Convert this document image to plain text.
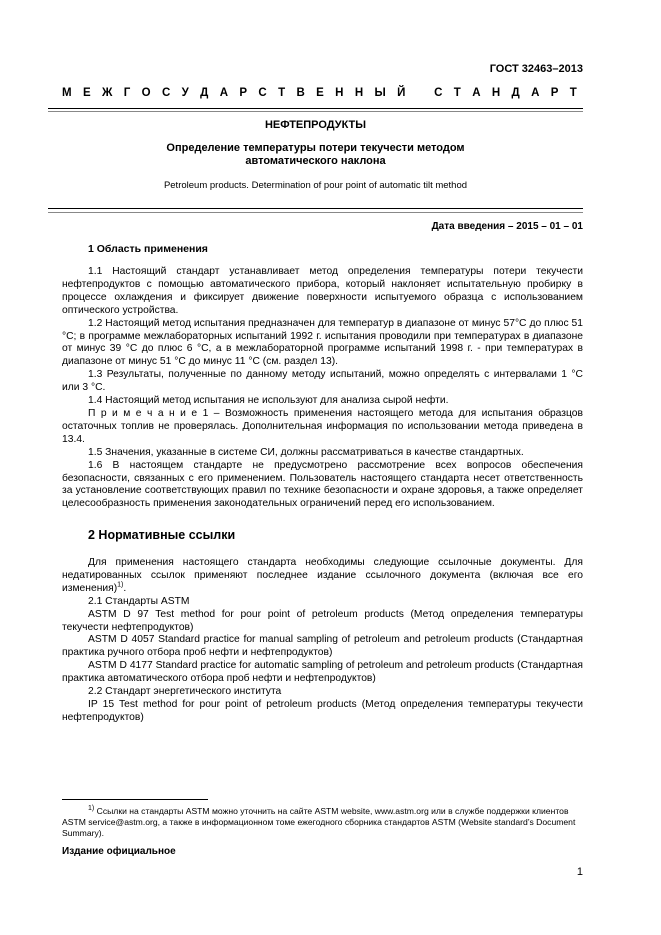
ГОСТ 32463–2013
М Е Ж Г О С У Д А Р С Т В Е Н Н Ы Й С Т А Н Д А Р Т
НЕФТЕПРОДУКТЫ
Определение температуры потери текучести методом
автоматического наклона
Petroleum products. Determination of pour point of automatic tilt method
Дата введения – 2015 – 01 – 01
1 Область применения

1.1 Настоящий стандарт устанавливает метод определения температуры потери текучести нефтепродуктов с помощью автоматического прибора, который наклоняет испытательную пробирку в процессе охлаждения и фиксирует движение поверхности испытуемого образца с использованием оптического устройства.

1.2 Настоящий метод испытания предназначен для температур в диапазоне от минус 57°С до плюс 51 °С; в программе межлабораторных испытаний 1992 г. испытания проводили при температурах в диапазоне от минус 39 °С до плюс 6 °С, а в межлабораторной программе испытаний 1998 г. - при температурах в диапазоне от минус 51 °С до минус 11 °С (см. раздел 13).

1.3 Результаты, полученные по данному методу испытаний, можно определять с интервалами 1 °С или 3 °С.

1.4 Настоящий метод испытания не используют для анализа сырой нефти.

П р и м е ч а н и е 1 – Возможность применения настоящего метода для испытания образцов остаточных топлив не проверялась. Дополнительная информация по использовании метода приведена в 13.4.

1.5 Значения, указанные в системе СИ, должны рассматриваться в качестве стандартных.

1.6 В настоящем стандарте не предусмотрено рассмотрение всех вопросов обеспечения безопасности, связанных с его применением. Пользователь настоящего стандарта несет ответственность за установление соответствующих правил по технике безопасности и охране здоровья, а также определяет целесообразность применения законодательных ограничений перед его использованием.

2 Нормативные ссылки

Для применения настоящего стандарта необходимы следующие ссылочные документы. Для недатированных ссылок применяют последнее издание ссылочного документа (включая все его изменения)$^{1)}$.

2.1 Стандарты ASTM

ASTM D 97 Test method for pour point of petroleum products (Метод определения температуры текучести нефтепродуктов)

ASTM D 4057 Standard practice for manual sampling of petroleum and petroleum products (Стандартная практика ручного отбора проб нефти и нефтепродуктов)

ASTM D 4177 Standard practice for automatic sampling of petroleum and petroleum products (Стандартная практика автоматического отбора проб нефти и нефтепродуктов)

2.2 Стандарт энергетического института

IP 15 Test method for pour point of petroleum products (Метод определения температуры текучести нефтепродуктов)

$^{1)}$ Ссылки на стандарты ASTM можно уточнить на сайте ASTM website, www.astm.org или в службе поддержки клиентов ASTM service@astm.org, а также в информационном томе ежегодного сборника стандартов ASTM (Website standard’s Document Summary).

Издание официальное
1
